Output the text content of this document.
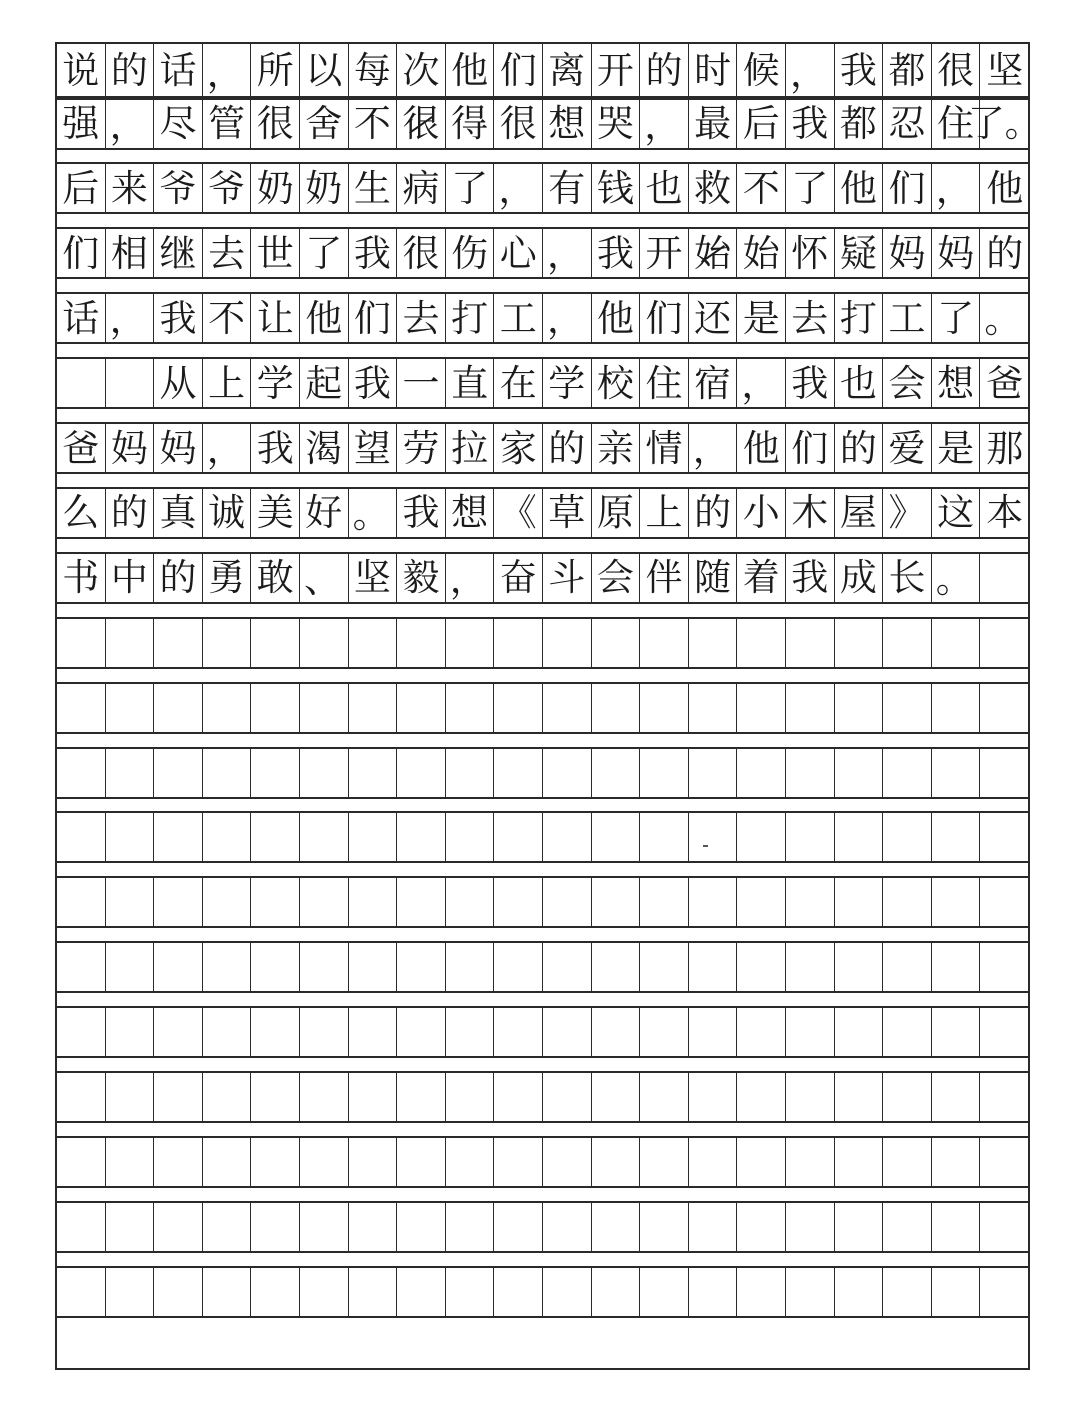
说 的 话 ， 所 以 每 次 他 们 离 开 的 时 候 ， 我 都 很 坚
强 ， 尽 管 很 舍 不 很 得 很 想 哭 ， 最 后 我 都 忍 住
了。
后 来 爷 爷 奶 奶 生 病 了 ， 有 钱 也 救 不 了 他 们 ， 他
们 相 继 去 世 了 我 很 伤 心 ， 我 开 始 始 怀 疑 妈 妈 的
话 ， 我 不 让 他 们 去 打 工 ， 他 们 还 是 去 打 工 了 。
从 上 学 起 我 一 直 在 学 校 住 宿 ， 我 也 会 想 爸
爸 妈 妈 ， 我 渴 望 劳 拉 家 的 亲 情 ， 他 们 的 爱 是 那
么 的 真 诚 美 好 。 我 想 《 草 原 上 的 小 木 屋 》 这 本
书 中 的 勇 敢 、 坚 毅 ， 奋 斗 会 伴 随 着 我 成 长 。
